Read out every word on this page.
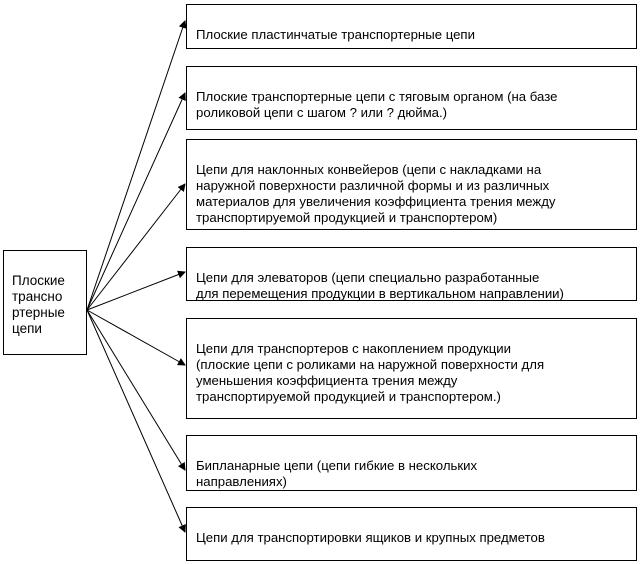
Плоские
трансно
ртерные
цепи

Плоские пластинчатые транспортерные цепи

Плоские транспортерные цепи с тяговым органом (на базе
роликовой цепи с шагом ? или ? дюйма.)

Цепи для наклонных конвейеров (цепи с накладками на
наружной поверхности различной формы и из различных
материалов для увеличения коэффициента трения между
транспортируемой продукцией и транспортером)

Цепи для элеваторов (цепи специально разработанные
для перемещения продукции в вертикальном направлении)

Цепи для транспортеров с накоплением продукции
(плоские цепи с роликами на наружной поверхности для
уменьшения коэффициента трения между
транспортируемой продукцией и транспортером.)

Бипланарные цепи (цепи гибкие в нескольких
направлениях)

Цепи для транспортировки ящиков и крупных предметов
